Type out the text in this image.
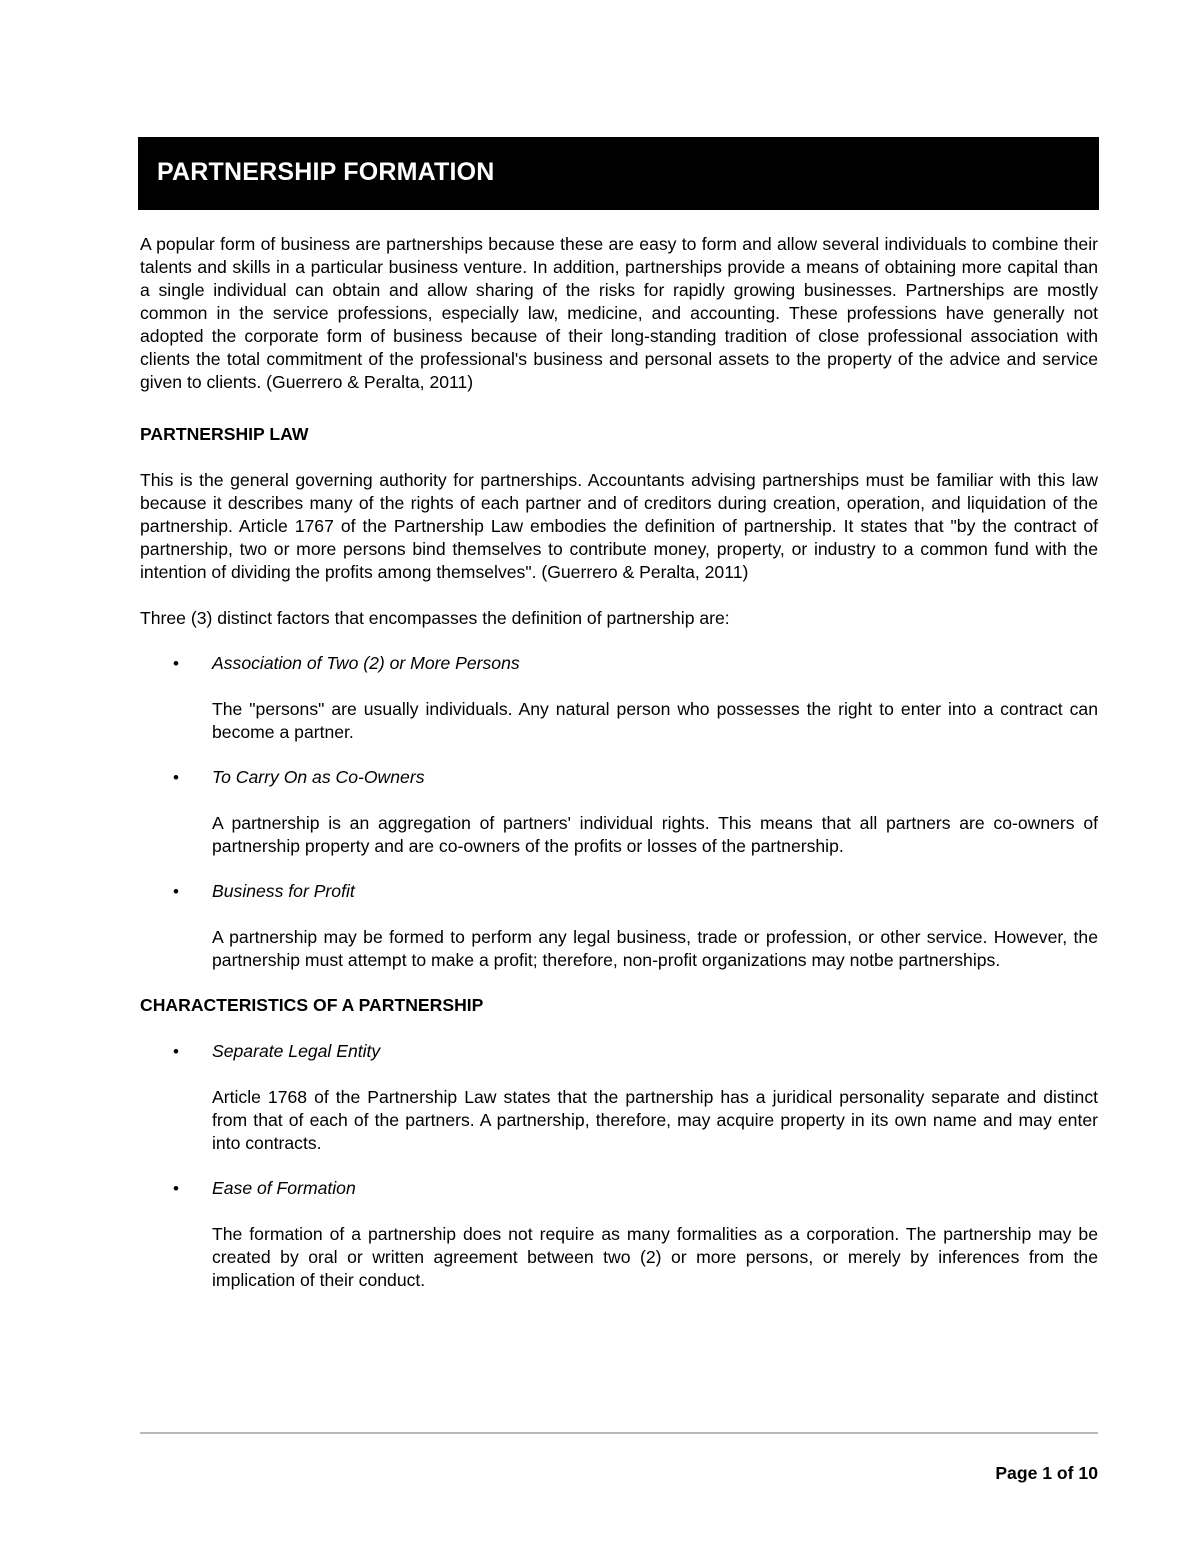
PARTNERSHIP FORMATION

A popular form of business are partnerships because these are easy to form and allow several individuals to combine their talents and skills in a particular business venture. In addition, partnerships provide a means of obtaining more capital than a single individual can obtain and allow sharing of the risks for rapidly growing businesses. Partnerships are mostly common in the service professions, especially law, medicine, and accounting. These professions have generally not adopted the corporate form of business because of their long-standing tradition of close professional association with clients the total commitment of the professional's business and personal assets to the property of the advice and service given to clients. (Guerrero & Peralta, 2011)

PARTNERSHIP LAW

This is the general governing authority for partnerships. Accountants advising partnerships must be familiar with this law because it describes many of the rights of each partner and of creditors during creation, operation, and liquidation of the partnership. Article 1767 of the Partnership Law embodies the definition of partnership. It states that "by the contract of partnership, two or more persons bind themselves to contribute money, property, or industry to a common fund with the intention of dividing the profits among themselves". (Guerrero & Peralta, 2011)

Three (3) distinct factors that encompasses the definition of partnership are:

• Association of Two (2) or More Persons

The "persons" are usually individuals. Any natural person who possesses the right to enter into a contract can become a partner.

• To Carry On as Co-Owners

A partnership is an aggregation of partners' individual rights. This means that all partners are co-owners of partnership property and are co-owners of the profits or losses of the partnership.

• Business for Profit

A partnership may be formed to perform any legal business, trade or profession, or other service. However, the partnership must attempt to make a profit; therefore, non-profit organizations may notbe partnerships.

CHARACTERISTICS OF A PARTNERSHIP

• Separate Legal Entity

Article 1768 of the Partnership Law states that the partnership has a juridical personality separate and distinct from that of each of the partners. A partnership, therefore, may acquire property in its own name and may enter into contracts.

• Ease of Formation

The formation of a partnership does not require as many formalities as a corporation. The partnership may be created by oral or written agreement between two (2) or more persons, or merely by inferences from the implication of their conduct.

Page 1 of 10
